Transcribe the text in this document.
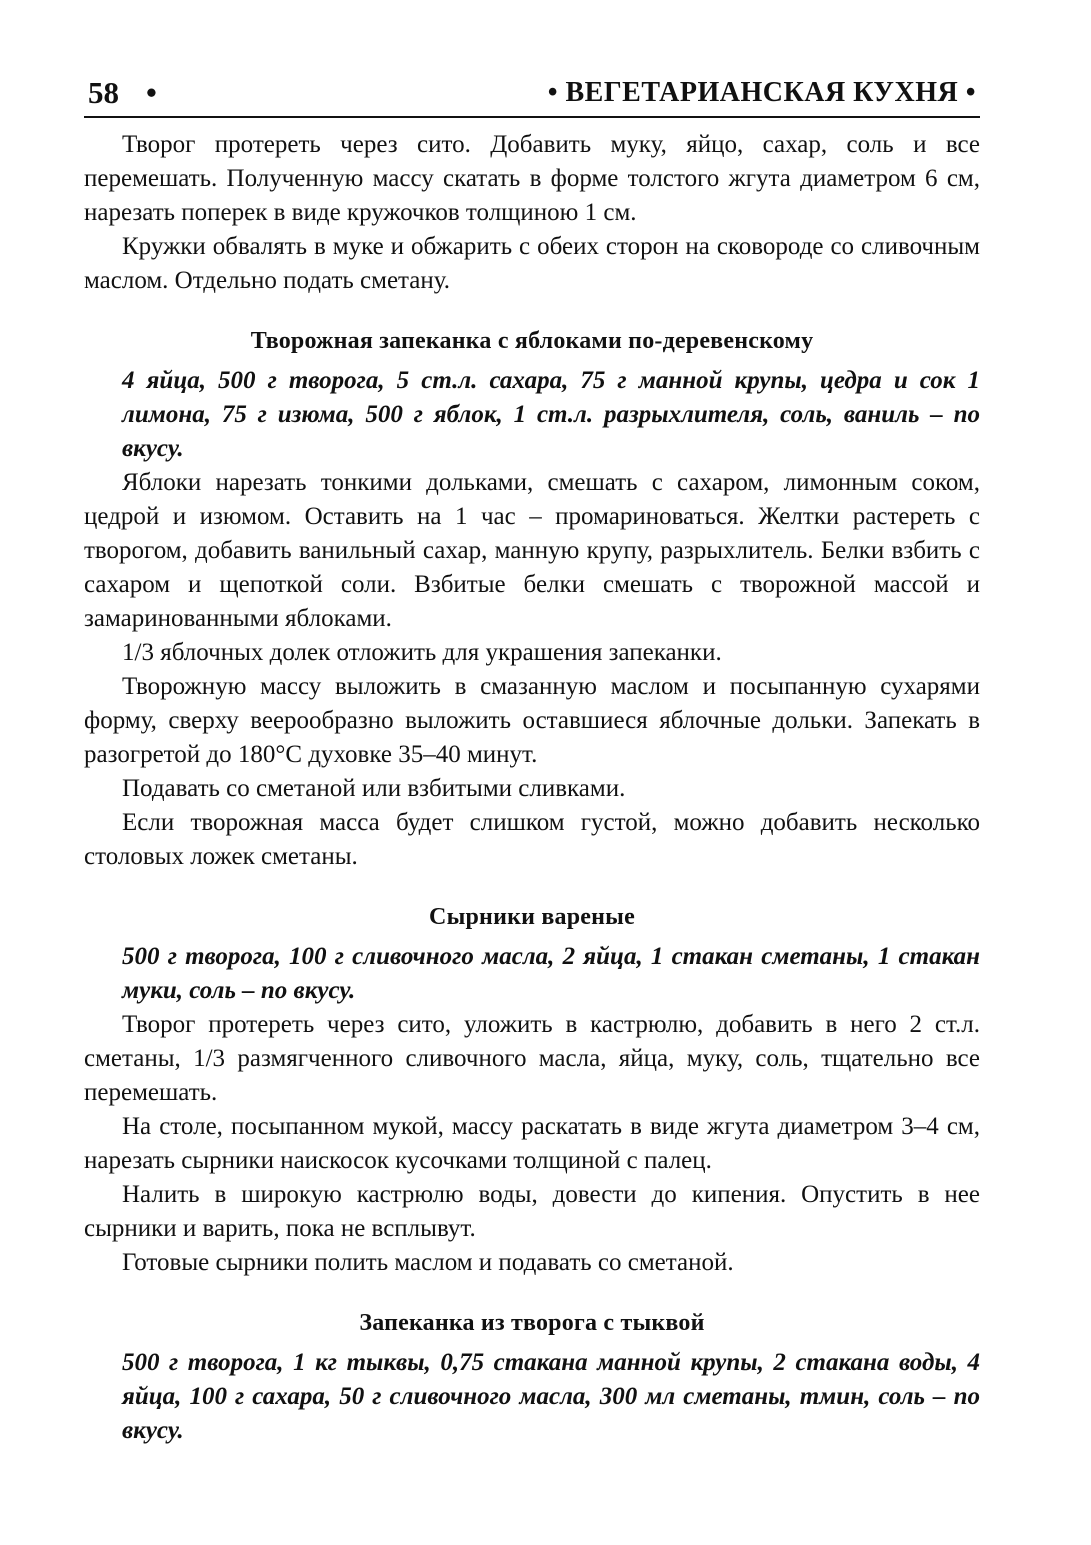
58 •	• ВЕГЕТАРИАНСКАЯ КУХНЯ •

Творог протереть через сито. Добавить муку, яйцо, сахар, соль и все перемешать. Полученную массу скатать в форме толстого жгута диаметром 6 см, нарезать поперек в виде кружочков толщиною 1 см.

Кружки обвалять в муке и обжарить с обеих сторон на сковороде со сливочным маслом. Отдельно подать сметану.

Творожная запеканка с яблоками по-деревенскому

4 яйца, 500 г творога, 5 ст.л. сахара, 75 г манной крупы, цедра и сок 1 лимона, 75 г изюма, 500 г яблок, 1 ст.л. разрыхлителя, соль, ваниль – по вкусу.

Яблоки нарезать тонкими дольками, смешать с сахаром, лимонным соком, цедрой и изюмом. Оставить на 1 час – промариноваться. Желтки растереть с творогом, добавить ванильный сахар, манную крупу, разрыхлитель. Белки взбить с сахаром и щепоткой соли. Взбитые белки смешать с творожной массой и замаринованными яблоками.

1/3 яблочных долек отложить для украшения запеканки.

Творожную массу выложить в смазанную маслом и посыпанную сухарями форму, сверху веерообразно выложить оставшиеся яблочные дольки. Запекать в разогретой до 180°С духовке 35–40 минут.

Подавать со сметаной или взбитыми сливками.

Если творожная масса будет слишком густой, можно добавить несколько столовых ложек сметаны.

Сырники вареные

500 г творога, 100 г сливочного масла, 2 яйца, 1 стакан сметаны, 1 стакан муки, соль – по вкусу.

Творог протереть через сито, уложить в кастрюлю, добавить в него 2 ст.л. сметаны, 1/3 размягченного сливочного масла, яйца, муку, соль, тщательно все перемешать.

На столе, посыпанном мукой, массу раскатать в виде жгута диаметром 3–4 см, нарезать сырники наискосок кусочками толщиной с палец.

Налить в широкую кастрюлю воды, довести до кипения. Опустить в нее сырники и варить, пока не всплывут.

Готовые сырники полить маслом и подавать со сметаной.

Запеканка из творога с тыквой

500 г творога, 1 кг тыквы, 0,75 стакана манной крупы, 2 стакана воды, 4 яйца, 100 г сахара, 50 г сливочного масла, 300 мл сметаны, тмин, соль – по вкусу.
